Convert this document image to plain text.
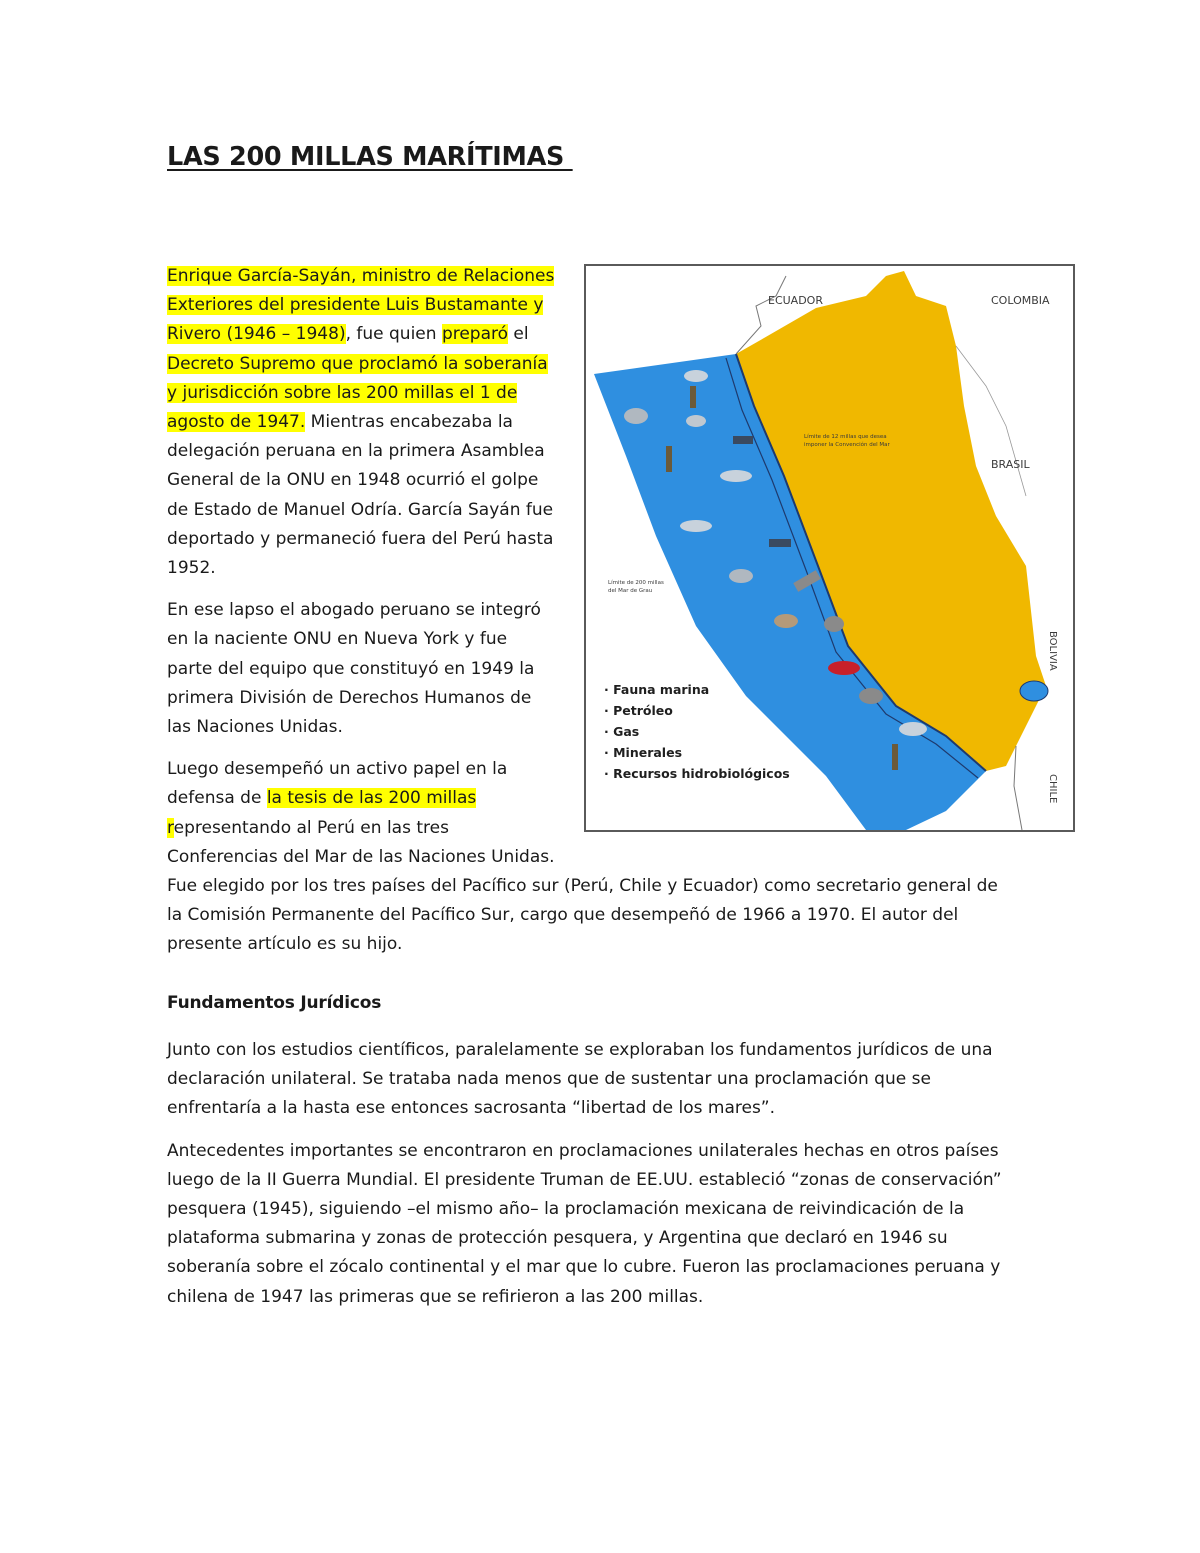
LAS 200 MILLAS MARÍTIMAS

Enrique García-Sayán, ministro de Relaciones
Exteriores del presidente Luis Bustamante y
Rivero (1946 – 1948), fue quien preparó el
Decreto Supremo que proclamó la soberanía
y jurisdicción sobre las 200 millas el 1 de
agosto de 1947. Mientras encabezaba la
delegación peruana en la primera Asamblea
General de la ONU en 1948 ocurrió el golpe
de Estado de Manuel Odría. García Sayán fue
deportado y permaneció fuera del Perú hasta
1952.

En ese lapso el abogado peruano se integró
en la naciente ONU en Nueva York y fue
parte del equipo que constituyó en 1949 la
primera División de Derechos Humanos de
las Naciones Unidas.

Luego desempeñó un activo papel en la
defensa de la tesis de las 200 millas
representando al Perú en las tres
Conferencias del Mar de las Naciones Unidas.
Fue elegido por los tres países del Pacífico sur (Perú, Chile y Ecuador) como secretario general de
la Comisión Permanente del Pacífico Sur, cargo que desempeñó de 1966 a 1970. El autor del
presente artículo es su hijo.

ECUADOR	COLOMBIA
BRASIL
BOLIVIA
CHILE
Límite de 12 millas que desea
imponer la Convención del Mar
Límite de 200 millas
del Mar de Grau
· Fauna marina
· Petróleo
· Gas
· Minerales
· Recursos hidrobiológicos
Fundamentos Jurídicos

Junto con los estudios científicos, paralelamente se exploraban los fundamentos jurídicos de una
declaración unilateral. Se trataba nada menos que de sustentar una proclamación que se
enfrentaría a la hasta ese entonces sacrosanta “libertad de los mares”.

Antecedentes importantes se encontraron en proclamaciones unilaterales hechas en otros países
luego de la II Guerra Mundial. El presidente Truman de EE.UU. estableció “zonas de conservación”
pesquera (1945), siguiendo –el mismo año– la proclamación mexicana de reivindicación de la
plataforma submarina y zonas de protección pesquera, y Argentina que declaró en 1946 su
soberanía sobre el zócalo continental y el mar que lo cubre. Fueron las proclamaciones peruana y
chilena de 1947 las primeras que se refirieron a las 200 millas.
